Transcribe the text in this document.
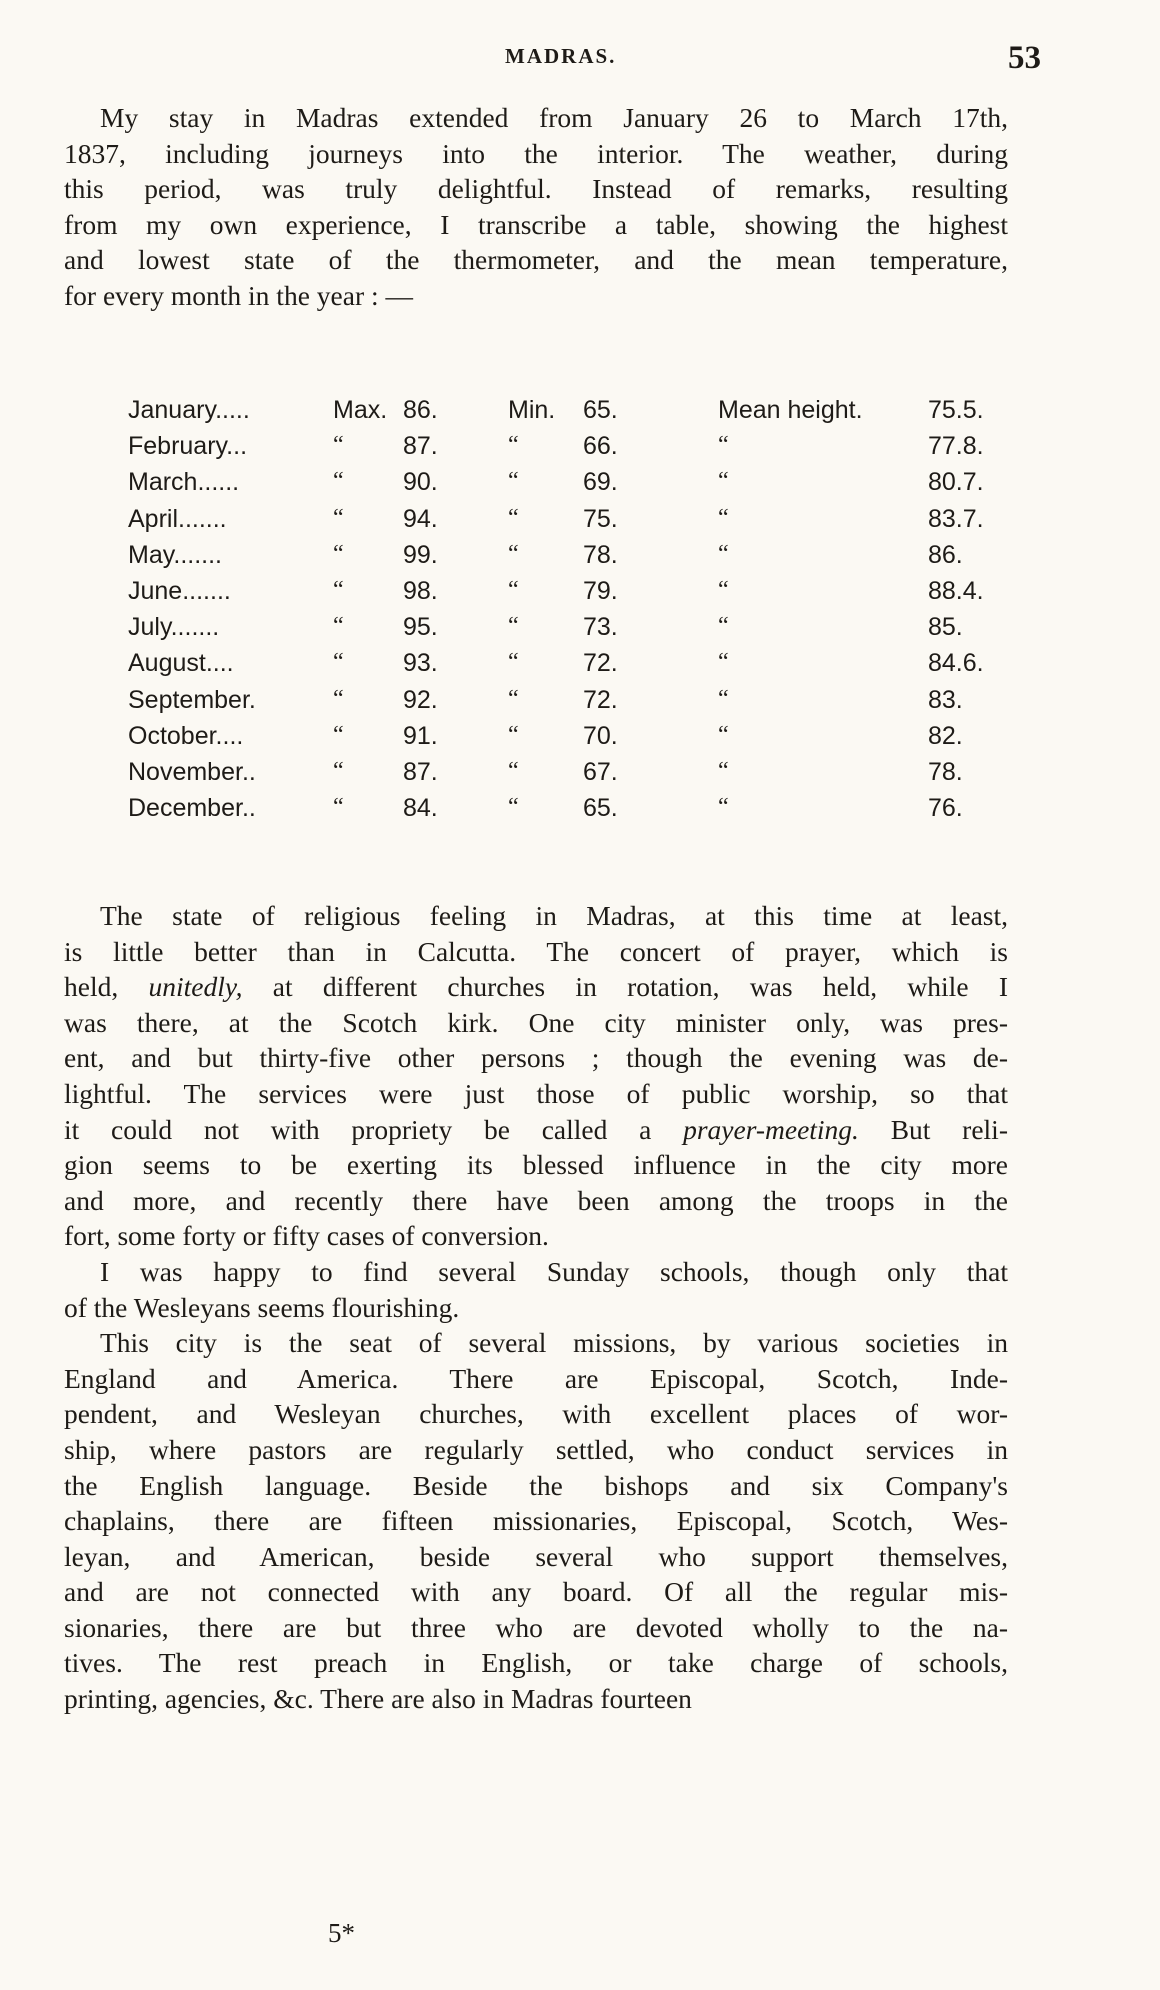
MADRAS.	53
My stay in Madras extended from January 26 to March 17th,
1837, including journeys into the interior. The weather, during
this period, was truly delightful. Instead of remarks, resulting
from my own experience, I transcribe a table, showing the highest
and lowest state of the thermometer, and the mean temperature,
for every month in the year : —
January.....	Max. 86.	Min. 65.	Mean height.	75.5.
February...	“ 87.	“	66.	“	77.8.
March......	“ 90.	“	69.	“	80.7.
April.......	“ 94.	“	75.	“	83.7.
May.......	“ 99.	“	78.	“	86.
June.......	“ 98.	“	79.	“	88.4.
July.......	“ 95.	“	73.	“	85.
August....	“ 93.	“	72.	“	84.6.
September.	“ 92.	“	72.	“	83.
October....	“ 91.	“	70.	“	82.
November..	“ 87.	“	67.	“	78.
December..	“ 84.	“	65.	“	76.
The state of religious feeling in Madras, at this time at least,
is little better than in Calcutta. The concert of prayer, which is
held, unitedly, at different churches in rotation, was held, while I
was there, at the Scotch kirk. One city minister only, was pres-
ent, and but thirty-five other persons ; though the evening was de-
lightful. The services were just those of public worship, so that
it could not with propriety be called a prayer-meeting. But reli-
gion seems to be exerting its blessed influence in the city more
and more, and recently there have been among the troops in the
fort, some forty or fifty cases of conversion.
I was happy to find several Sunday schools, though only that
of the Wesleyans seems flourishing.
This city is the seat of several missions, by various societies in
England and America. There are Episcopal, Scotch, Inde-
pendent, and Wesleyan churches, with excellent places of wor-
ship, where pastors are regularly settled, who conduct services in
the English language. Beside the bishops and six Company's
chaplains, there are fifteen missionaries, Episcopal, Scotch, Wes-
leyan, and American, beside several who support themselves,
and are not connected with any board. Of all the regular mis-
sionaries, there are but three who are devoted wholly to the na-
tives. The rest preach in English, or take charge of schools,
printing, agencies, &c. There are also in Madras fourteen
5*
